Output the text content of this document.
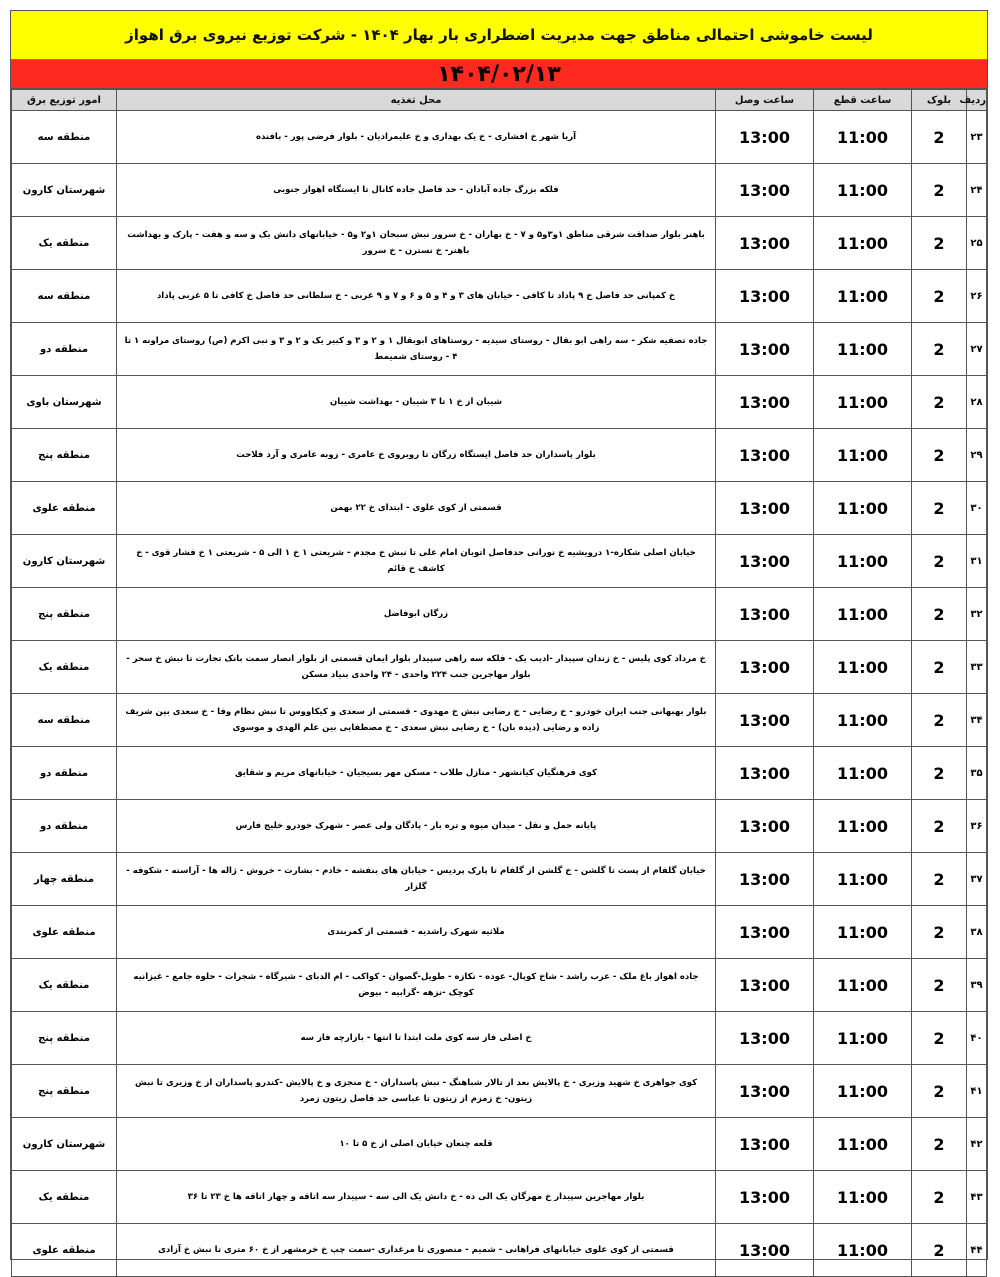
لیست خاموشی احتمالی مناطق جهت مدیریت اضطراری بار بهار ۱۴۰۴ - شرکت توزیع نیروی برق اهواز
۱۴۰۴/۰۲/۱۳
ردیف	بلوک	ساعت قطع	ساعت وصل	محل تغذیه	امور توزیع برق
۲۳	2	11:00	13:00	آریا شهر خ افشاری - خ یک بهداری و خ علیمرادیان - بلوار فرضی پور - بافنده	منطقه سه
۲۴	2	11:00	13:00	فلکه بزرگ جاده آبادان - حد فاصل جاده کانال تا ایستگاه اهواز جنوبی	شهرستان کارون
۲۵	2	11:00	13:00	باهنر بلوار صداقت شرقی مناطق ۱و۳و۵ و ۷ - خ بهاران - خ سرور نبش سبحان ۱و۲ و۵ - خیابانهای دانش یک و سه و هفت - پارک و بهداشت باهنر- خ نسترن - خ سرور	منطقه یک
۲۶	2	11:00	13:00	خ کمپانی حد فاصل خ ۹ پاداد تا کافی - خیابان های ۳ و ۴ و ۵ و ۶ و ۷ و ۹ غربی - خ سلطانی حد فاصل خ کافی تا ۵ غربی پاداد	منطقه سه
۲۷	2	11:00	13:00	جاده تصفیه شکر - سه راهی ابو بقال - روستای سیدیه - روستاهای ابوبقال ۱ و ۲ و ۳ و کبیر یک و ۲ و ۳ و نبی اکرم (ص) روستای مراونه ۱ تا ۴ - روستای شمیمط	منطقه دو
۲۸	2	11:00	13:00	شیبان از خ ۱ تا ۳ شیبان - بهداشت شیبان	شهرستان باوی
۲۹	2	11:00	13:00	بلوار پاسداران حد فاصل ایستگاه زرگان تا روبروی خ عامری - زوبه عامری و آرد فلاحت	منطقه پنج
۳۰	2	11:00	13:00	قسمتی از کوی علوی - ابتدای خ ۲۲ بهمن	منطقه علوی
۳۱	2	11:00	13:00	خیابان اصلی شکاره-۱ درویشیه خ نورانی حدفاصل اتوبان امام علی تا نبش خ مجدم - شریعتی ۱ خ ۱ الی ۵ - شریعتی ۱ خ فشار قوی - خ کاشف خ قائم	شهرستان کارون
۳۲	2	11:00	13:00	زرگان ابوفاضل	منطقه پنج
۳۳	2	11:00	13:00	خ مرداد کوی پلیس - خ زندان سپیدار -ادیب یک - فلکه سه راهی سپیدار بلوار ایمان قسمتی از بلوار انصار سمت بانک تجارت تا نبش خ سحر - بلوار مهاجرین جنب ۲۲۴ واحدی - ۲۴ واحدی بنیاد مسکن	منطقه یک
۳۴	2	11:00	13:00	بلوار بهبهانی جنب ایران خودرو - خ رضایی - خ رضایی نبش خ مهدوی - قسمتی از سعدی و کیکاووس تا نبش نظام وفا - خ سعدی بین شریف زاده و رضایی (دیده بان) - خ رضایی نبش سعدی - خ مصطفایی بین علم الهدی و موسوی	منطقه سه
۳۵	2	11:00	13:00	کوی فرهنگیان کیانشهر - منازل طلاب - مسکن مهر بسیجیان - خیابانهای مریم و شقایق	منطقه دو
۳۶	2	11:00	13:00	پایانه حمل و نقل - میدان میوه و تره بار - پادگان ولی عصر - شهرک خودرو خلیج فارس	منطقه دو
۳۷	2	11:00	13:00	خیابان گلفام از پست تا گلشن - خ گلشن از گلفام تا پارک پردیس - خیابان های بنفشه - خادم - بشارت - خروش - ژاله ها - آراسته - شکوفه - گلزار	منطقه چهار
۳۸	2	11:00	13:00	ملاثیه شهرک راشدیه - قسمتی از کمربندی	منطقه علوی
۳۹	2	11:00	13:00	جاده اهواز باغ ملک - عرب راشد - شاخ کوپال- عوده - نکازه - طویل-گصوان - کواکب - ام الدبای - شیرگاه - شجرات - حلوه جامع - غیزانیه کوچک -نزهه -گرابیه - بیوض	منطقه یک
۴۰	2	11:00	13:00	خ اصلی فاز سه کوی ملت ابتدا تا انتها - بازارچه فاز سه	منطقه پنج
۴۱	2	11:00	13:00	کوی جواهری خ شهید وزیری - خ پالایش بعد از تالار شباهنگ - نبش پاسداران - خ منجزی و خ پالایش -کندرو پاسداران از خ وزیری تا نبش زیتون- خ زمزم از زیتون تا عباسی حد فاصل زیتون زمرد	منطقه پنج
۴۲	2	11:00	13:00	قلعه چنعان خیابان اصلی از خ ۵ تا ۱۰	شهرستان کارون
۴۳	2	11:00	13:00	بلوار مهاجرین سپیدار خ مهرگان یک الی ده - خ دانش یک الی سه - سپیدار سه اتاقه و چهار اتاقه ها خ ۲۳ تا ۳۶	منطقه یک
۴۴	2	11:00	13:00	قسمتی از کوی علوی خیابانهای فراهانی - شمیم - منصوری تا مرغداری -سمت چپ خ خرمشهر از خ ۶۰ متری تا نبش خ آزادی	منطقه علوی
